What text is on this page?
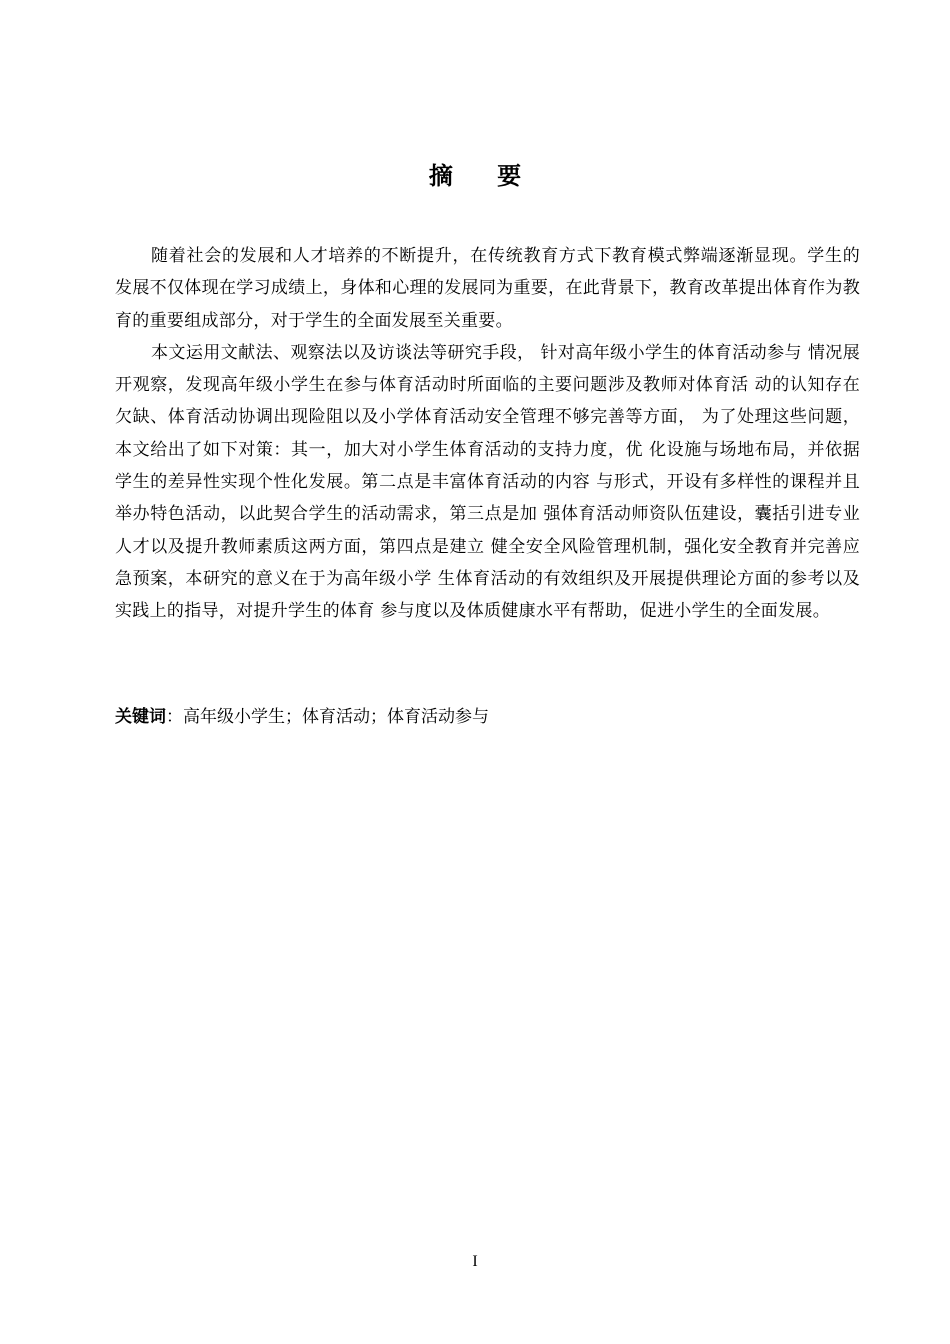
摘 要

随着社会的发展和人才培养的不断提升，在传统教育方式下教育模式弊端逐渐显现。学生的发展不仅体现在学习成绩上，身体和心理的发展同为重要，在此背景下，教育改革提出体育作为教育的重要组成部分，对于学生的全面发展至关重要。

本文运用文献法、观察法以及访谈法等研究手段， 针对高年级小学生的体育活动参与 情况展开观察，发现高年级小学生在参与体育活动时所面临的主要问题涉及教师对体育活 动的认知存在欠缺、体育活动协调出现险阻以及小学体育活动安全管理不够完善等方面， 为了处理这些问题，本文给出了如下对策：其一，加大对小学生体育活动的支持力度，优 化设施与场地布局，并依据学生的差异性实现个性化发展。第二点是丰富体育活动的内容 与形式，开设有多样性的课程并且举办特色活动，以此契合学生的活动需求，第三点是加 强体育活动师资队伍建设，囊括引进专业人才以及提升教师素质这两方面，第四点是建立 健全安全风险管理机制，强化安全教育并完善应急预案，本研究的意义在于为高年级小学 生体育活动的有效组织及开展提供理论方面的参考以及实践上的指导，对提升学生的体育 参与度以及体质健康水平有帮助，促进小学生的全面发展。

关键词：高年级小学生；体育活动；体育活动参与
I
